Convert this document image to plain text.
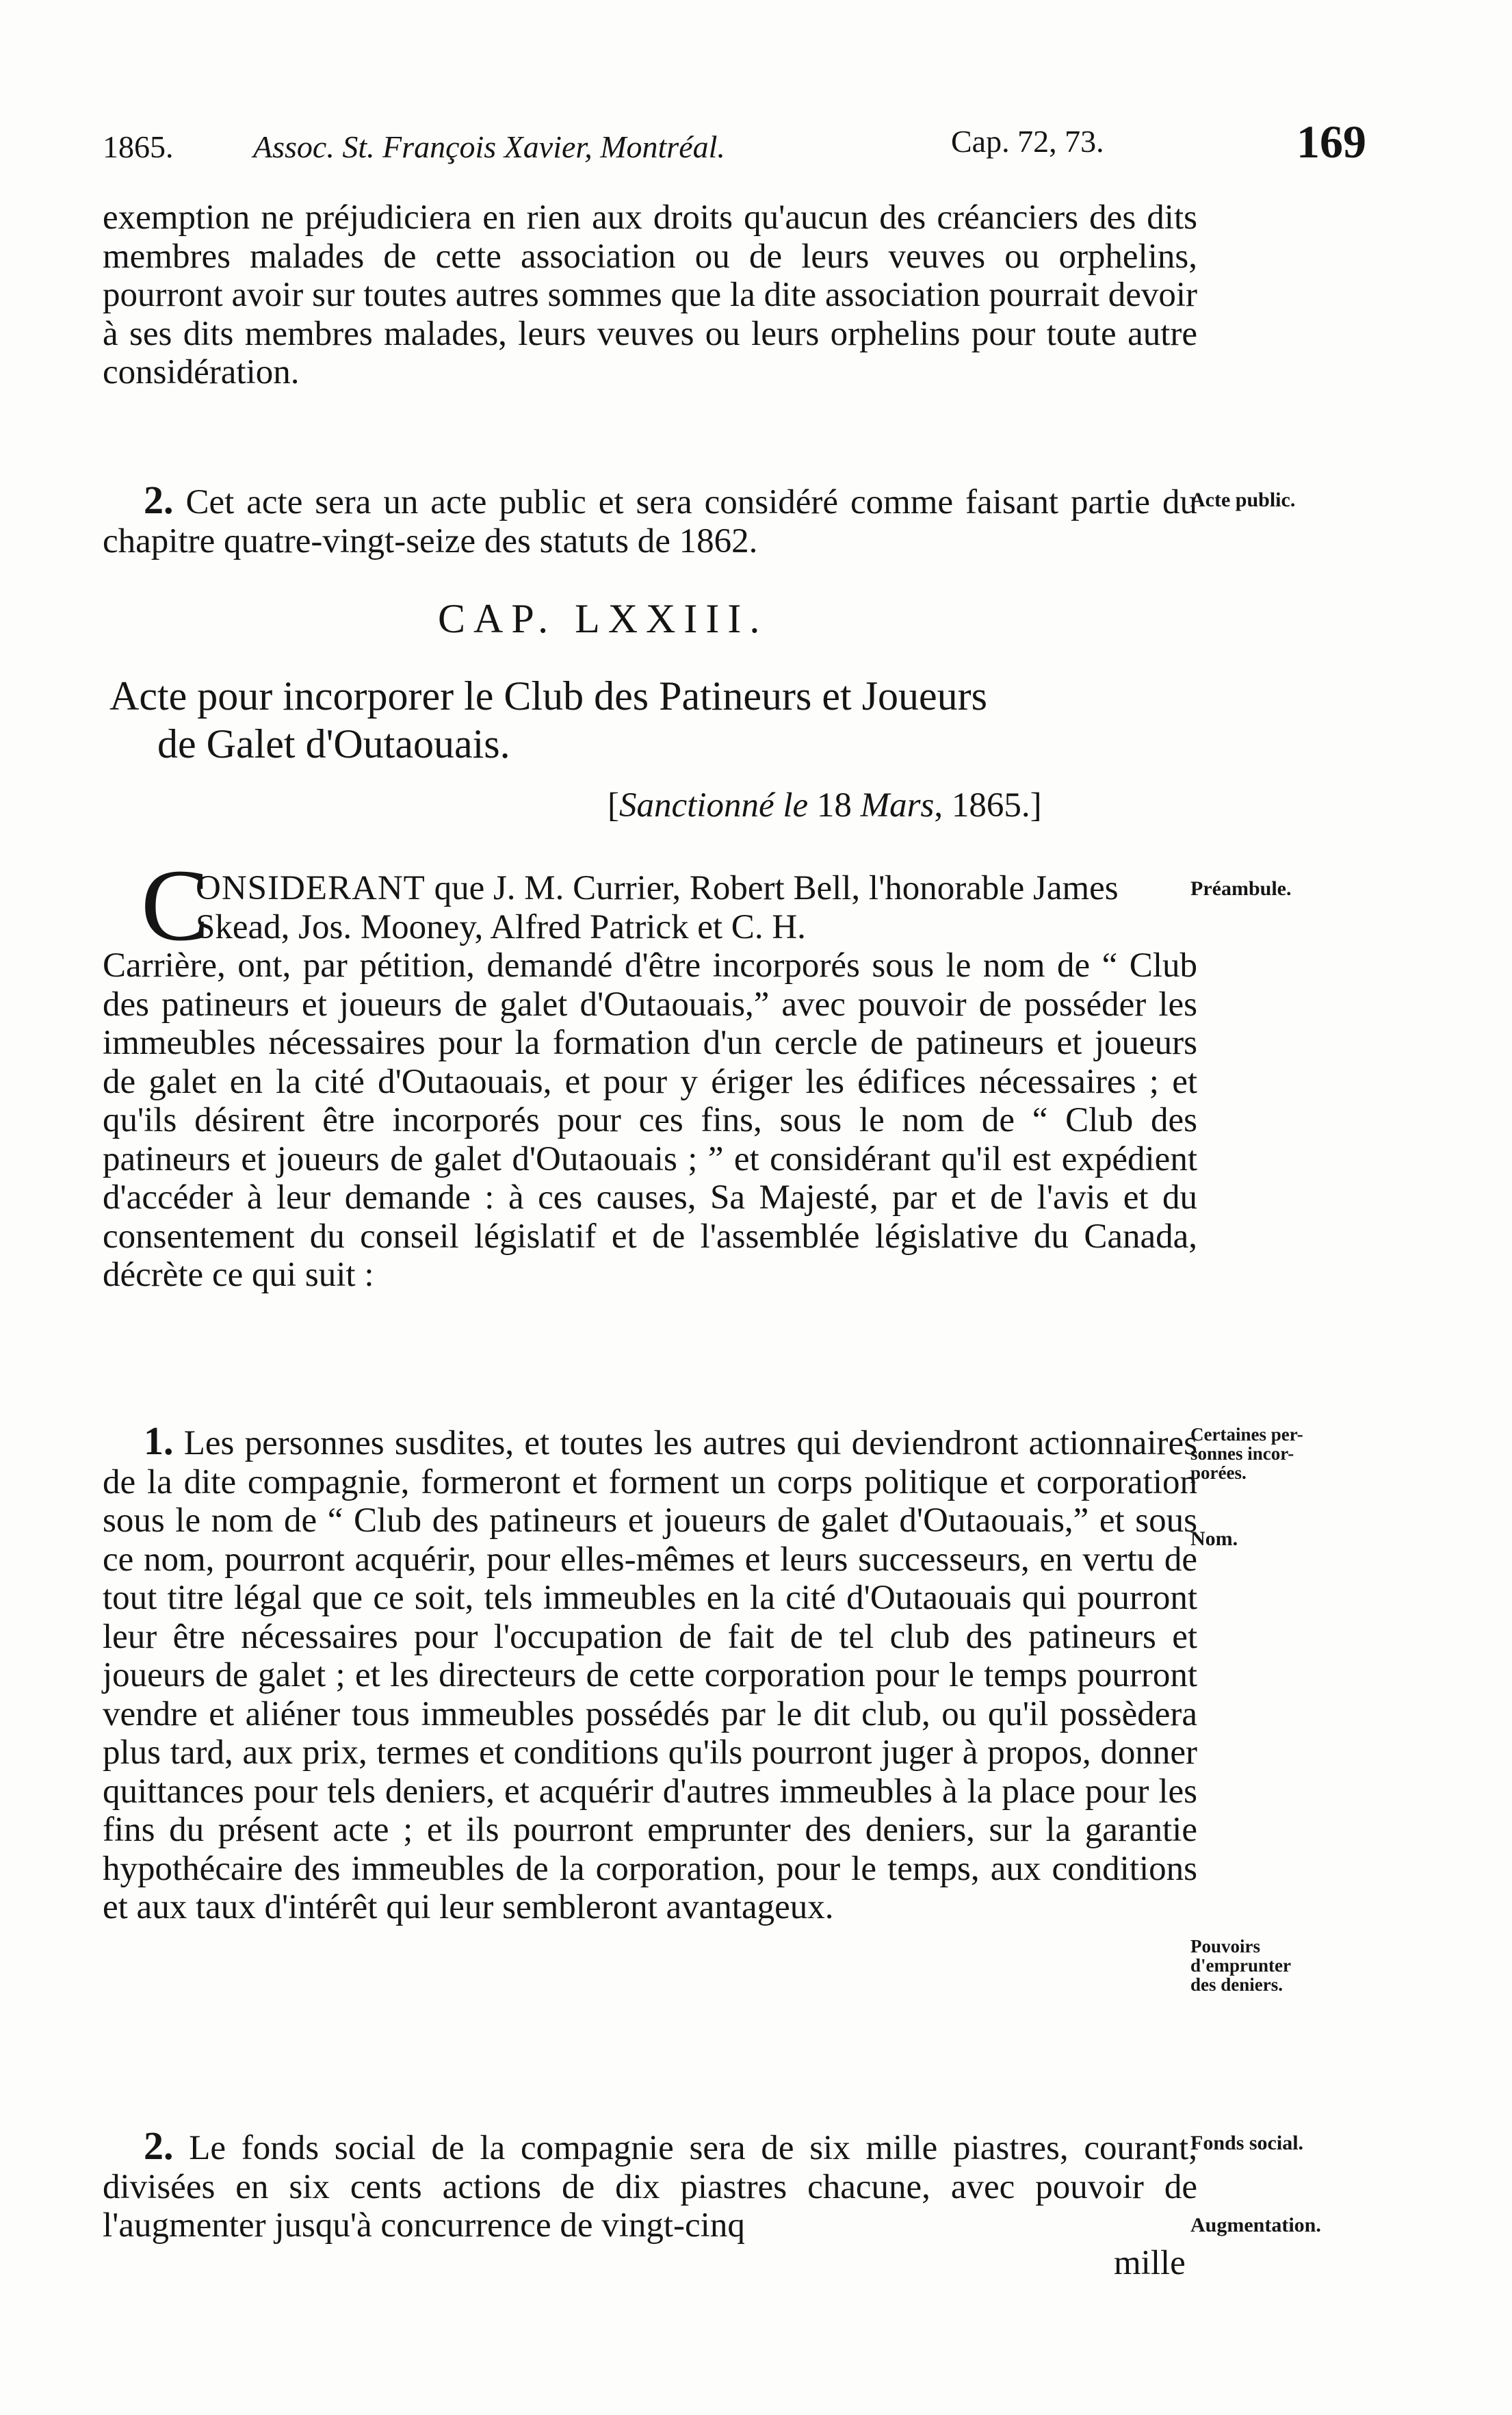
1865.	Assoc. St. François Xavier, Montréal.	Cap. 72, 73.	169
exemption ne préjudiciera en rien aux droits qu'aucun des créanciers des dits membres malades de cette association ou de leurs veuves ou orphelins, pourront avoir sur toutes autres sommes que la dite association pourrait devoir à ses dits membres malades, leurs veuves ou leurs orphelins pour toute autre considération.
2. Cet acte sera un acte public et sera considéré comme faisant partie du chapitre quatre-vingt-seize des statuts de 1862.
CAP. LXXIII.
Acte pour incorporer le Club des Patineurs et Joueurs
de Galet d'Outaouais.
[Sanctionné le 18 Mars, 1865.]
C
ONSIDERANT que J. M. Currier, Robert Bell, l'honorable James Skead, Jos. Mooney, Alfred Patrick et C. H.
Carrière, ont, par pétition, demandé d'être incorporés sous le nom de “ Club des patineurs et joueurs de galet d'Outaouais,” avec pouvoir de posséder les immeubles nécessaires pour la formation d'un cercle de patineurs et joueurs de galet en la cité d'Outaouais, et pour y ériger les édifices nécessaires ; et qu'ils désirent être incorporés pour ces fins, sous le nom de “ Club des patineurs et joueurs de galet d'Outaouais ; ” et considérant qu'il est expédient d'accéder à leur demande : à ces causes, Sa Majesté, par et de l'avis et du consentement du conseil législatif et de l'assemblée législative du Canada, décrète ce qui suit :
1. Les personnes susdites, et toutes les autres qui deviendront actionnaires de la dite compagnie, formeront et forment un corps politique et corporation sous le nom de “ Club des patineurs et joueurs de galet d'Outaouais,” et sous ce nom, pourront acquérir, pour elles-mêmes et leurs successeurs, en vertu de tout titre légal que ce soit, tels immeubles en la cité d'Outaouais qui pourront leur être nécessaires pour l'occupation de fait de tel club des patineurs et joueurs de galet ; et les directeurs de cette corporation pour le temps pourront vendre et aliéner tous immeubles possédés par le dit club, ou qu'il possèdera plus tard, aux prix, termes et conditions qu'ils pourront juger à propos, donner quittances pour tels deniers, et acquérir d'autres immeubles à la place pour les fins du présent acte ; et ils pourront emprunter des deniers, sur la garantie hypothécaire des immeubles de la corporation, pour le temps, aux conditions et aux taux d'intérêt qui leur sembleront avantageux.
2. Le fonds social de la compagnie sera de six mille piastres, courant, divisées en six cents actions de dix piastres chacune, avec pouvoir de l'augmenter jusqu'à concurrence de vingt-cinq
mille
Acte public.
Préambule.
Certaines per-
sonnes incor-
porées.
Nom.
Pouvoirs
d'emprunter
des deniers.
Fonds social.
Augmentation.
